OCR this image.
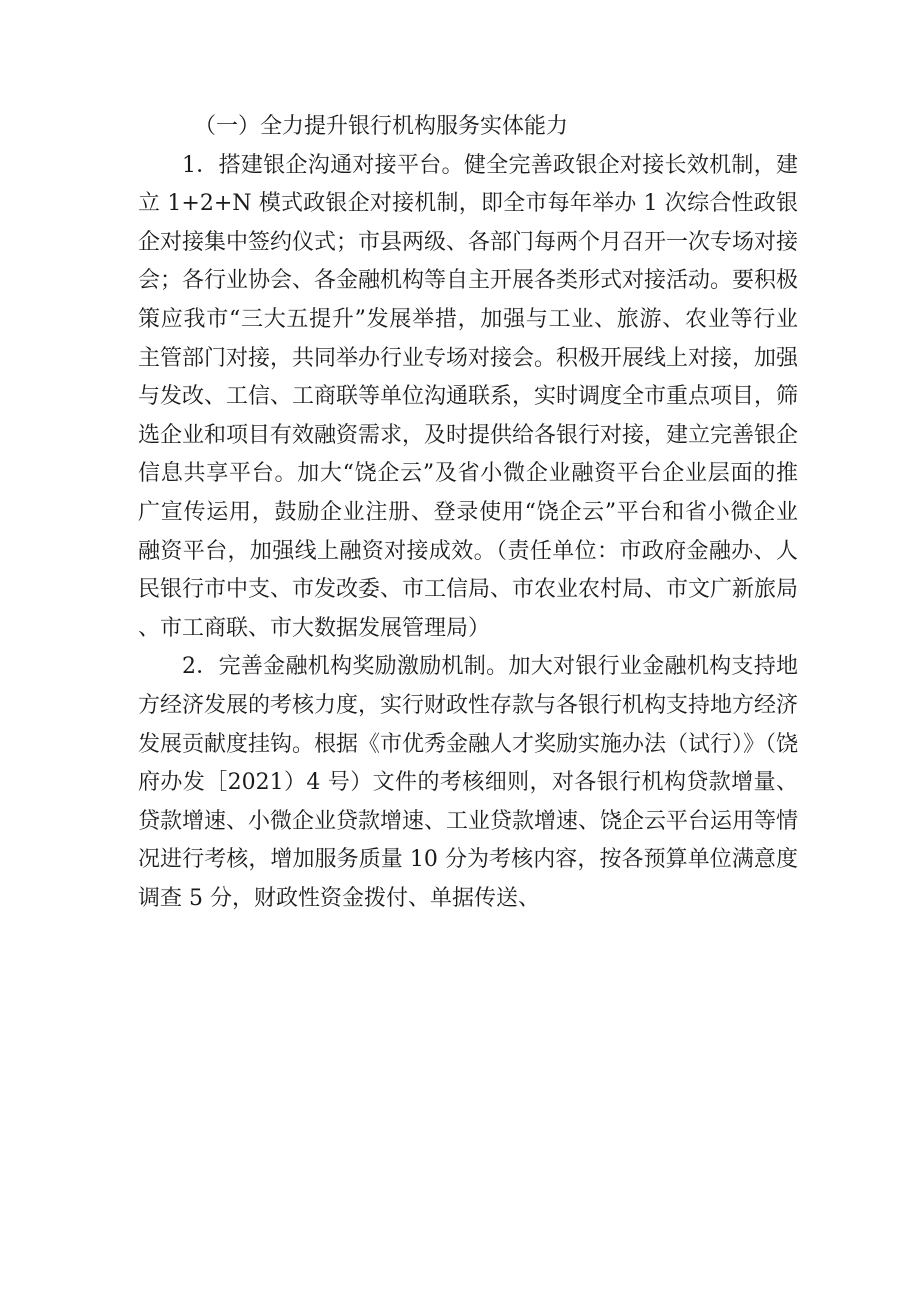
（一）全力提升银行机构服务实体能力

1．搭建银企沟通对接平台。健全完善政银企对接长效机制，建立 1+2+N 模式政银企对接机制，即全市每年举办 1 次综合性政银企对接集中签约仪式；市县两级、各部门每两个月召开一次专场对接会；各行业协会、各金融机构等自主开展各类形式对接活动。要积极策应我市“三大五提升”发展举措，加强与工业、旅游、农业等行业主管部门对接，共同举办行业专场对接会。积极开展线上对接，加强与发改、工信、工商联等单位沟通联系，实时调度全市重点项目，筛选企业和项目有效融资需求，及时提供给各银行对接，建立完善银企信息共享平台。加大“饶企云”及省小微企业融资平台企业层面的推广宣传运用，鼓励企业注册、登录使用“饶企云”平台和省小微企业融资平台，加强线上融资对接成效。（责任单位：市政府金融办、人民银行市中支、市发改委、市工信局、市农业农村局、市文广新旅局、市工商联、市大数据发展管理局）

2．完善金融机构奖励激励机制。加大对银行业金融机构支持地方经济发展的考核力度，实行财政性存款与各银行机构支持地方经济发展贡献度挂钩。根据《市优秀金融人才奖励实施办法（试行）》（饶府办发［2021）4 号）文件的考核细则，对各银行机构贷款增量、贷款增速、小微企业贷款增速、工业贷款增速、饶企云平台运用等情况进行考核，增加服务质量 10 分为考核内容，按各预算单位满意度调查 5 分，财政性资金拨付、单据传送、
